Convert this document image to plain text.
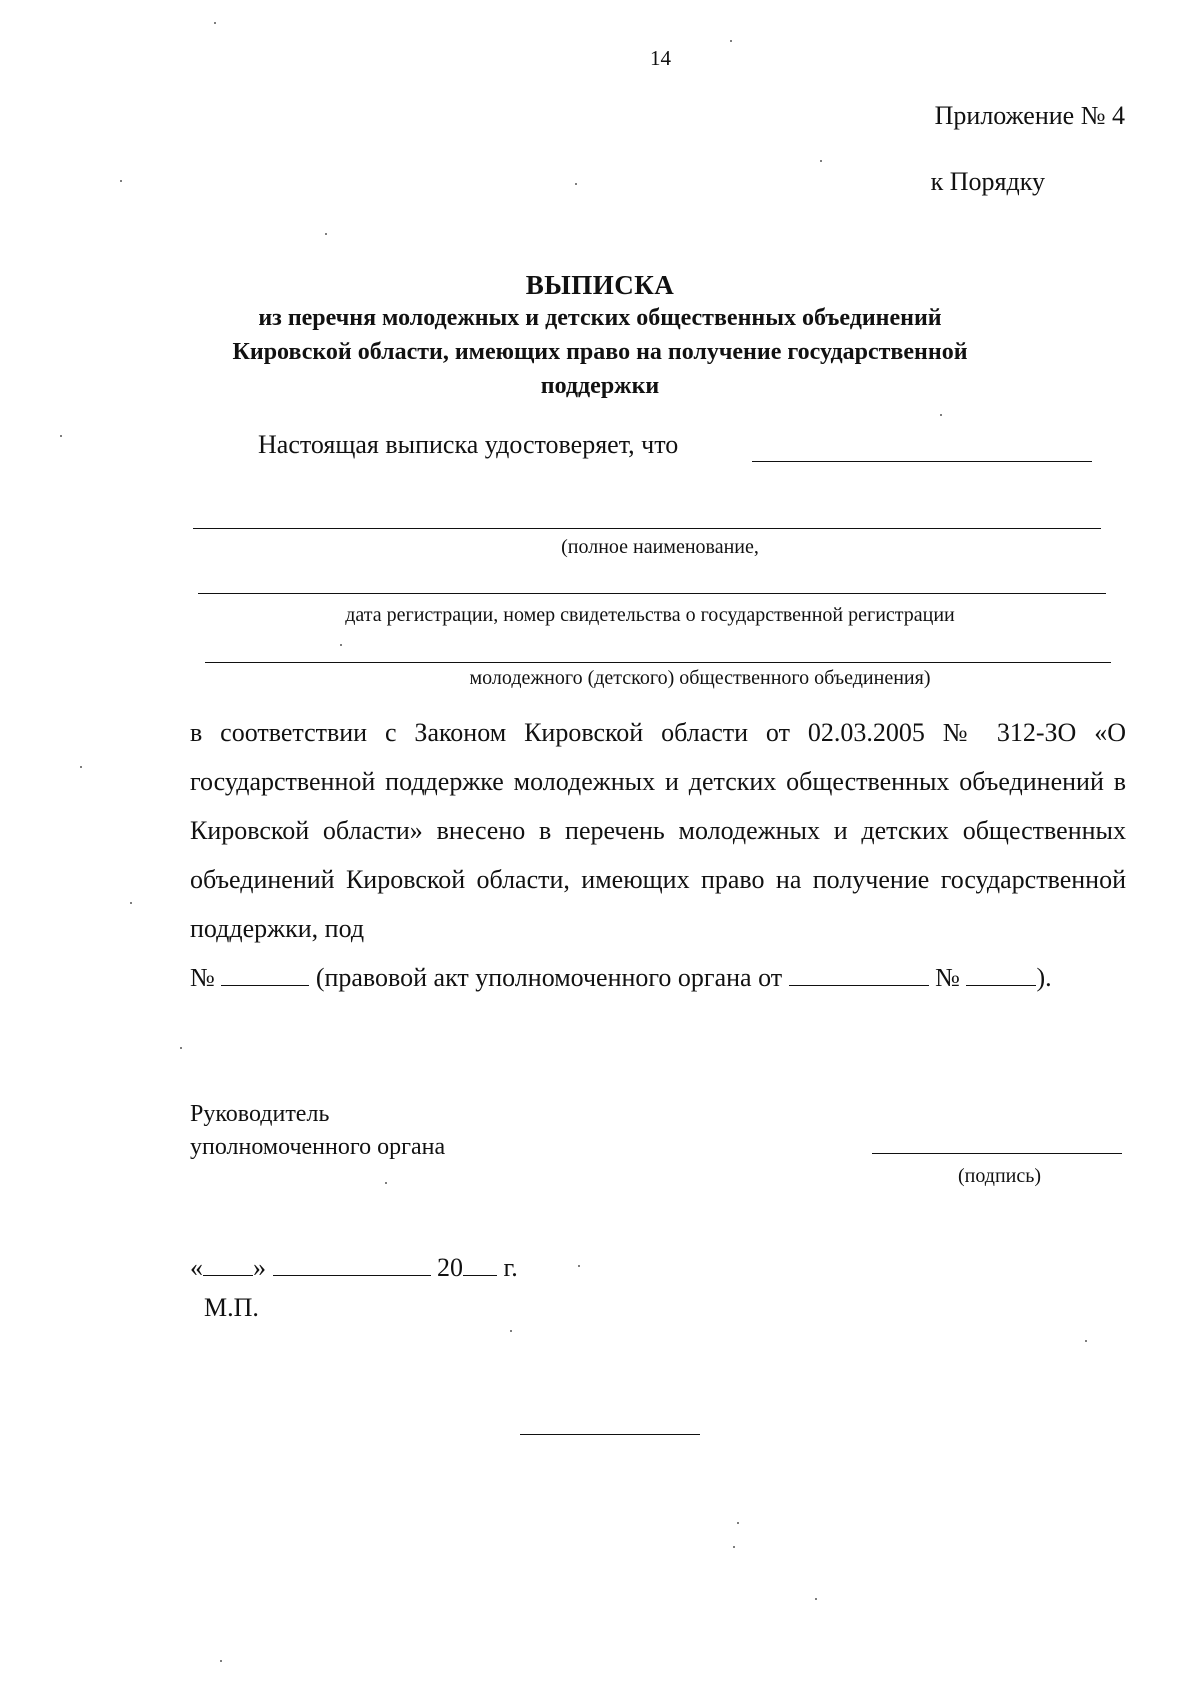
14
Приложение № 4
к Порядку
ВЫПИСКА
из перечня молодежных и детских общественных объединений
Кировской области, имеющих право на получение государственной
поддержки
Настоящая выписка удостоверяет, что
(полное наименование,
дата регистрации, номер свидетельства о государственной регистрации
молодежного (детского) общественного объединения)
в соответствии с Законом Кировской области от 02.03.2005 № 312-ЗО «О государственной поддержке молодежных и детских общественных объединений в Кировской области» внесено в перечень молодежных и детских общественных объединений Кировской области, имеющих право на получение государственной поддержки, под
№	(правовой акт уполномоченного органа от	№	).
Руководитель
уполномоченного органа
(подпись)
« »	20 г.
М.П.
